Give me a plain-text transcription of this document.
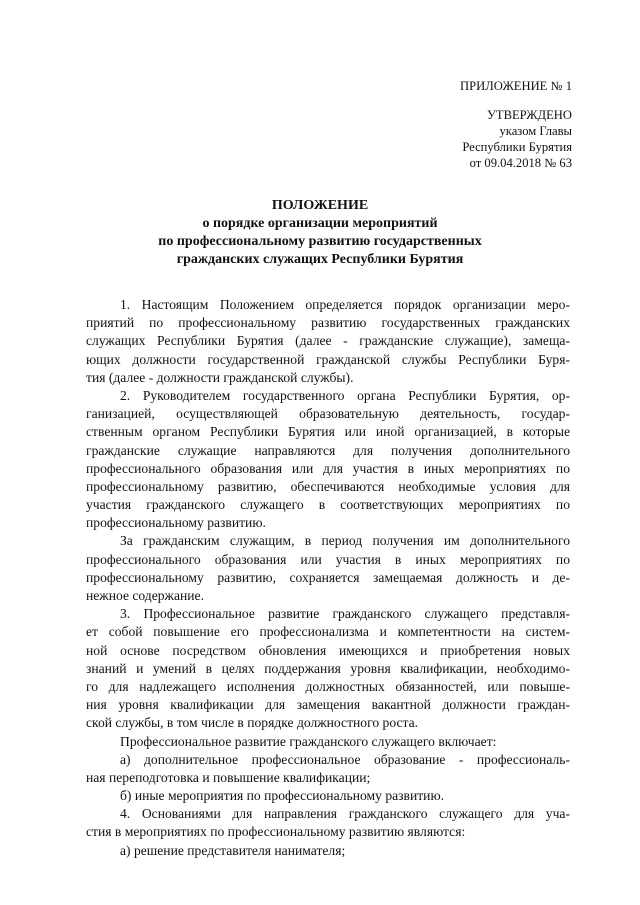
ПРИЛОЖЕНИЕ № 1
УТВЕРЖДЕНО
указом Главы
Республики Бурятия
от 09.04.2018 № 63
ПОЛОЖЕНИЕ
о порядке организации мероприятий
по профессиональному развитию государственных
гражданских служащих Республики Бурятия
1. Настоящим Положением определяется порядок организации меро-
приятий по профессиональному развитию государственных гражданских
служащих Республики Бурятия (далее - гражданские служащие), замеща-
ющих должности государственной гражданской службы Республики Буря-
тия (далее - должности гражданской службы).
2. Руководителем государственного органа Республики Бурятия, ор-
ганизацией, осуществляющей образовательную деятельность, государ-
ственным органом Республики Бурятия или иной организацией, в которые
гражданские служащие направляются для получения дополнительного
профессионального образования или для участия в иных мероприятиях по
профессиональному развитию, обеспечиваются необходимые условия для
участия гражданского служащего в соответствующих мероприятиях по
профессиональному развитию.
За гражданским служащим, в период получения им дополнительного
профессионального образования или участия в иных мероприятиях по
профессиональному развитию, сохраняется замещаемая должность и де-
нежное содержание.
3. Профессиональное развитие гражданского служащего представля-
ет собой повышение его профессионализма и компетентности на систем-
ной основе посредством обновления имеющихся и приобретения новых
знаний и умений в целях поддержания уровня квалификации, необходимо-
го для надлежащего исполнения должностных обязанностей, или повыше-
ния уровня квалификации для замещения вакантной должности граждан-
ской службы, в том числе в порядке должностного роста.
Профессиональное развитие гражданского служащего включает:
а) дополнительное профессиональное образование - профессиональ-
ная переподготовка и повышение квалификации;
б) иные мероприятия по профессиональному развитию.
4. Основаниями для направления гражданского служащего для уча-
стия в мероприятиях по профессиональному развитию являются:
а) решение представителя нанимателя;
